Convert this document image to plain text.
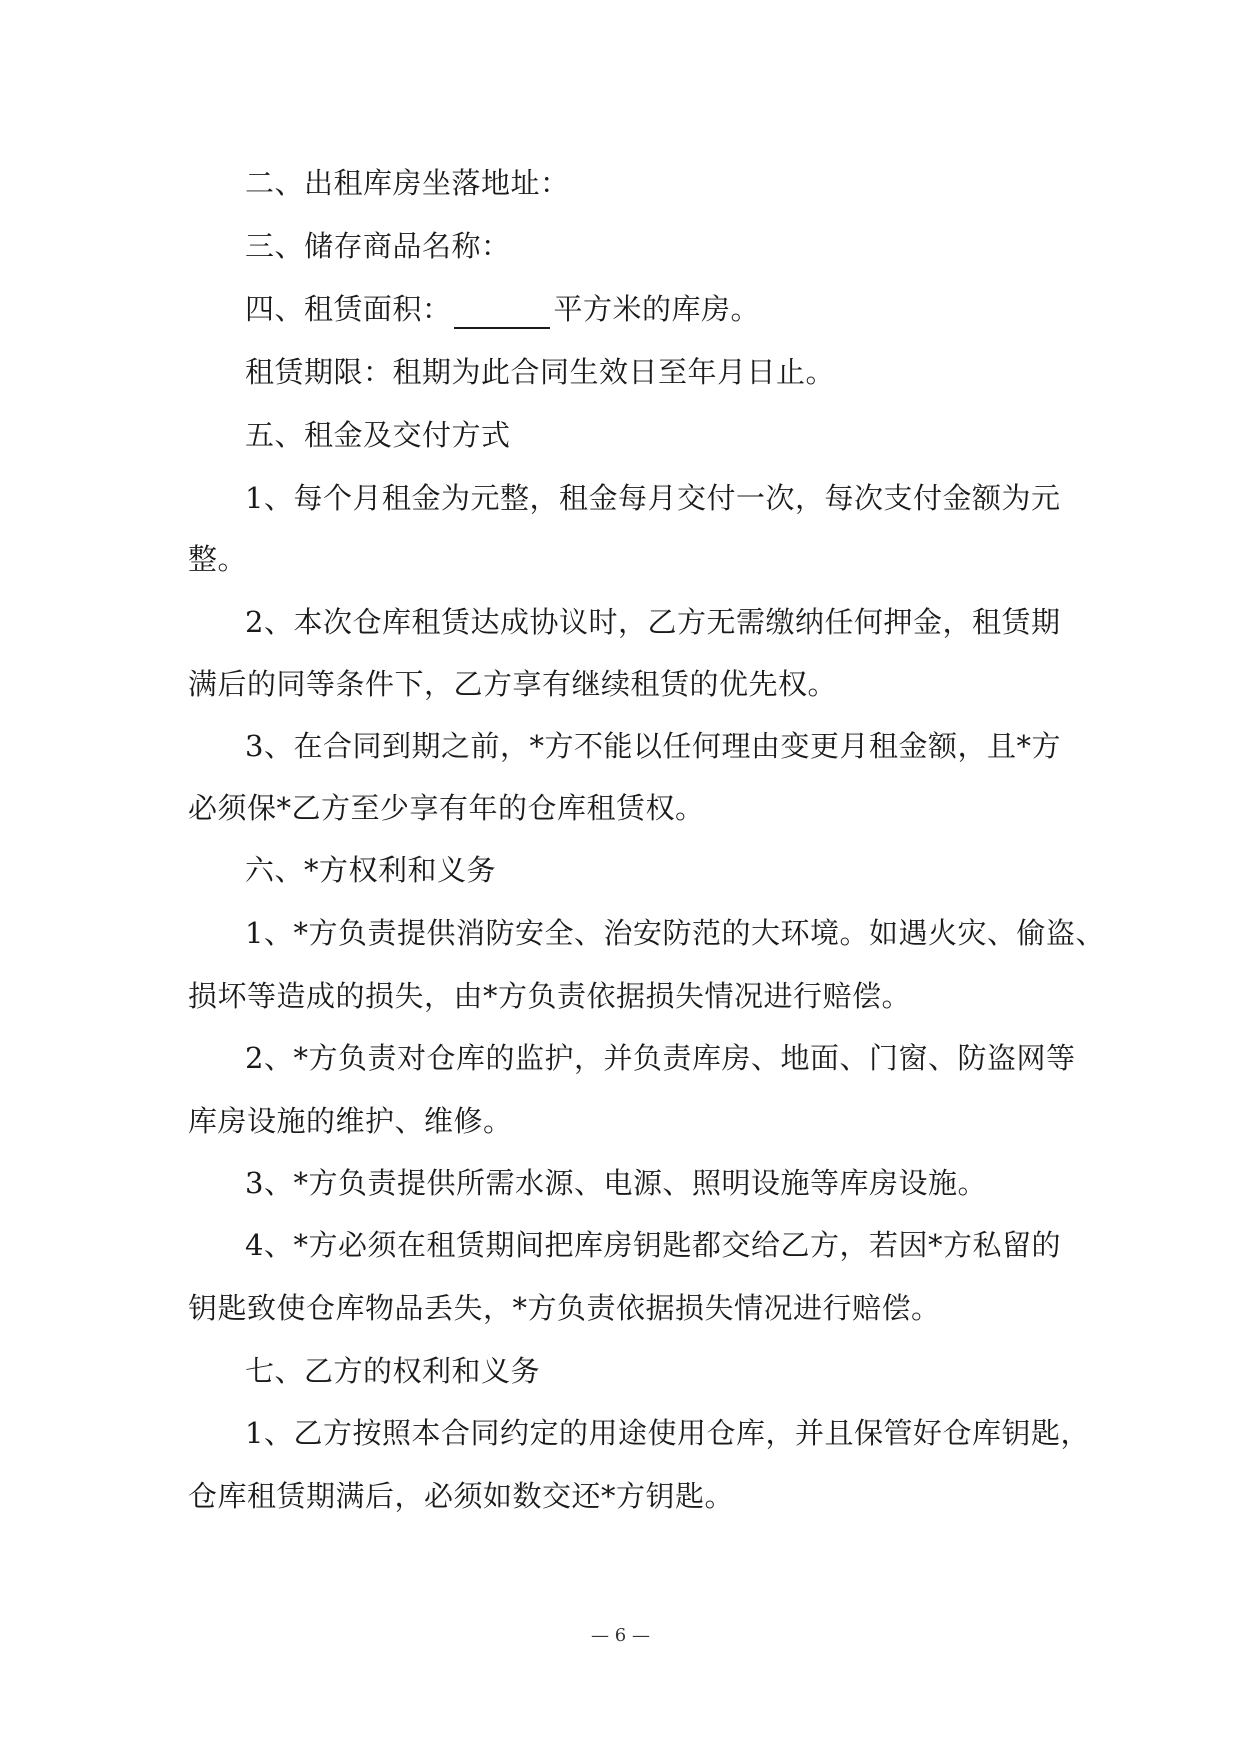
二、出租库房坐落地址：
三、储存商品名称：
四、租赁面积：	平方米的库房。
租赁期限：租期为此合同生效日至年月日止。
五、租金及交付方式
1、每个月租金为元整，租金每月交付一次，每次支付金额为元
整。
2、本次仓库租赁达成协议时，乙方无需缴纳任何押金，租赁期
满后的同等条件下，乙方享有继续租赁的优先权。
3、在合同到期之前，*方不能以任何理由变更月租金额，且*方
必须保*乙方至少享有年的仓库租赁权。
六、*方权利和义务
1、*方负责提供消防安全、治安防范的大环境。如遇火灾、偷盗、
损坏等造成的损失，由*方负责依据损失情况进行赔偿。
2、*方负责对仓库的监护，并负责库房、地面、门窗、防盗网等
库房设施的维护、维修。
3、*方负责提供所需水源、电源、照明设施等库房设施。
4、*方必须在租赁期间把库房钥匙都交给乙方，若因*方私留的
钥匙致使仓库物品丢失，*方负责依据损失情况进行赔偿。
七、乙方的权利和义务
1、乙方按照本合同约定的用途使用仓库，并且保管好仓库钥匙，
仓库租赁期满后，必须如数交还*方钥匙。
— 6 —
